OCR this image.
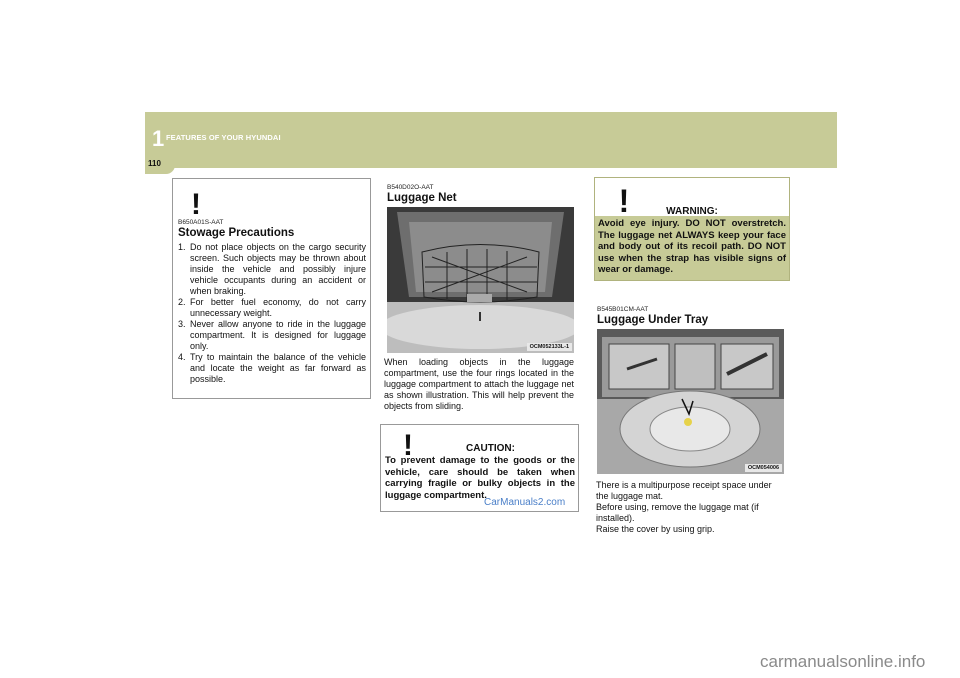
1 FEATURES OF YOUR HYUNDAI
110
!
B650A01S-AAT
Stowage Precautions
1. Do not place objects on the cargo security screen. Such objects may be thrown about inside the vehicle and possibly injure vehicle occupants during an accident or when braking.
2. For better fuel economy, do not carry unnecessary weight.
3. Never allow anyone to ride in the luggage compartment. It is designed for luggage only.
4. Try to maintain the balance of the vehicle and locate the weight as far forward as possible.
B540D02O-AAT
Luggage Net
OCM052133L-1
When loading objects in the luggage compartment, use the four rings located in the luggage compartment to attach the luggage net as shown illustration. This will help prevent the objects from sliding.
!	CAUTION:
To prevent damage to the goods or the vehicle, care should be taken when carrying fragile or bulky objects in the luggage compartment.
CarManuals2.com
!	WARNING:
Avoid eye injury. DO NOT overstretch. The luggage net ALWAYS keep your face and body out of its recoil path. DO NOT use when the strap has visible signs of wear or damage.
B545B01CM-AAT
Luggage Under Tray
OCM054006
There is a multipurpose receipt space under the luggage mat.
Before using, remove the luggage mat (if installed).
Raise the cover by using grip.
carmanualsonline.info
